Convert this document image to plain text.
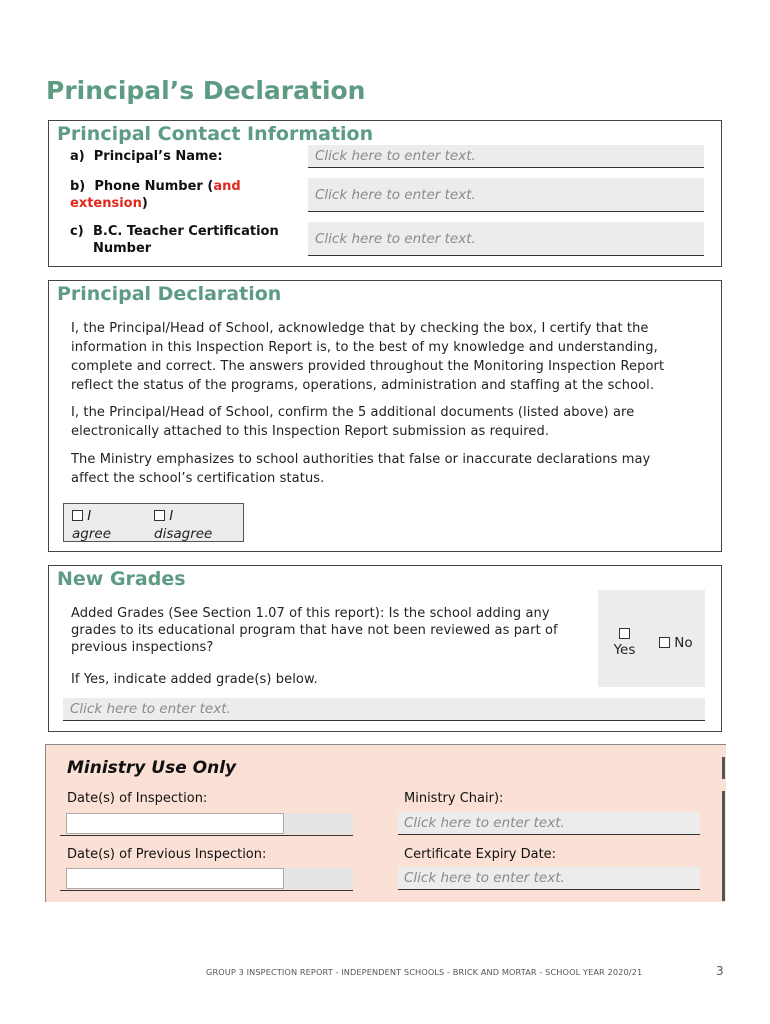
Principal’s Declaration
Principal Contact Information
a) Principal’s Name:	Click here to enter text.
b) Phone Number (and extension)
Click here to enter text.
c) B.C. Teacher Certification Number
Click here to enter text.
Principal Declaration
I, the Principal/Head of School, acknowledge that by checking the box, I certify that the information in this Inspection Report is, to the best of my knowledge and understanding, complete and correct. The answers provided throughout the Monitoring Inspection Report reflect the status of the programs, operations, administration and staffing at the school.
I, the Principal/Head of School, confirm the 5 additional documents (listed above) are electronically attached to this Inspection Report submission as required.
The Ministry emphasizes to school authorities that false or inaccurate declarations may affect the school’s certification status.
I agree
I disagree
New Grades
Added Grades (See Section 1.07 of this report): Is the school adding any grades to its educational program that have not been reviewed as part of previous inspections?	Yes	No
If Yes, indicate added grade(s) below.
Click here to enter text.
Ministry Use Only
Date(s) of Inspection:
Date(s) of Previous Inspection:
Ministry Chair):
Click here to enter text.
Certificate Expiry Date:
Click here to enter text.
GROUP 3 INSPECTION REPORT - INDEPENDENT SCHOOLS - BRICK AND MORTAR - SCHOOL YEAR 2020/21	3
